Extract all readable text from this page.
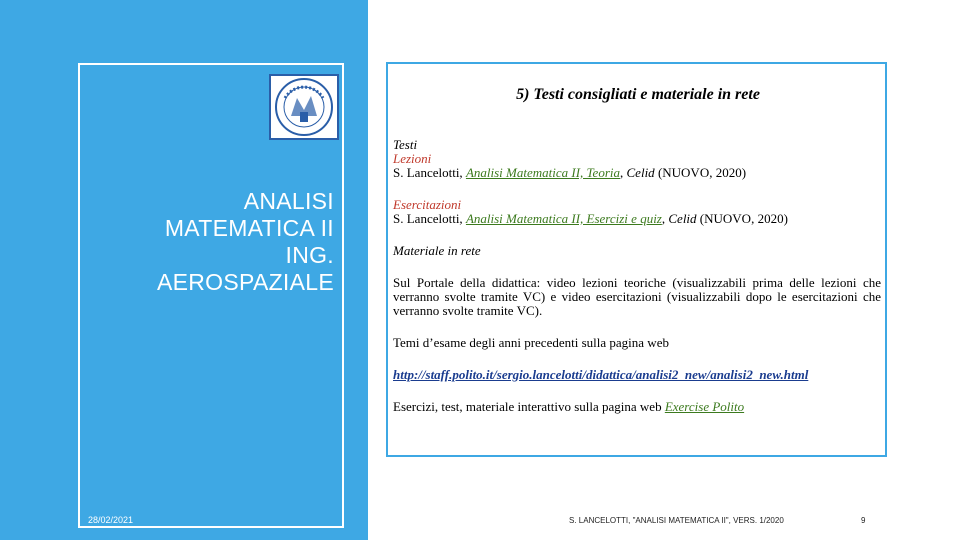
ANALISI
MATEMATICA II
ING.
AEROSPAZIALE
28/02/2021
5) Testi consigliati e materiale in rete

Testi

Lezioni

S. Lancelotti, Analisi Matematica II, Teoria, Celid (NUOVO, 2020)

Esercitazioni

S. Lancelotti, Analisi Matematica II, Esercizi e quiz, Celid (NUOVO, 2020)

Materiale in rete

Sul Portale della didattica: video lezioni teoriche (visualizzabili prima delle lezioni che verranno svolte tramite VC) e video esercitazioni (visualizzabili dopo le esercitazioni che verranno svolte tramite VC).

Temi d’esame degli anni precedenti sulla pagina web

http://staff.polito.it/sergio.lancelotti/didattica/analisi2_new/analisi2_new.html

Esercizi, test, materiale interattivo sulla pagina web Exercise Polito

S. LANCELOTTI, "ANALISI MATEMATICA II", VERS. 1/2020	9
